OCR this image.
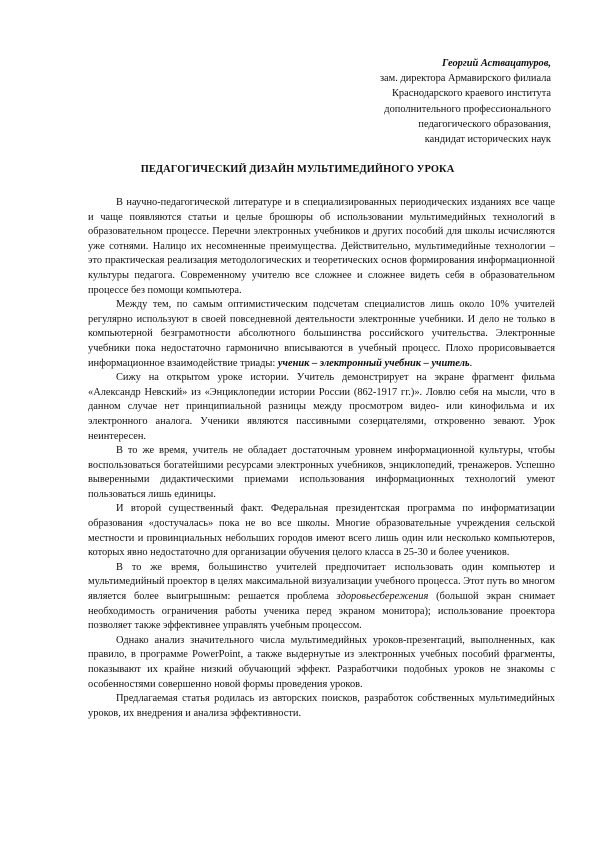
Георгий Аствацатуров,
зам. директора Армавирского филиала
Краснодарского краевого института
дополнительного профессионального
педагогического образования,
кандидат исторических наук
ПЕДАГОГИЧЕСКИЙ ДИЗАЙН МУЛЬТИМЕДИЙНОГО УРОКА

В научно-педагогической литературе и в специализированных периодических изданиях все чаще и чаще появляются статьи и целые брошюры об использовании мультимедийных технологий в образовательном процессе. Перечни электронных учебников и других пособий для школы исчисляются уже сотнями. Налицо их несомненные преимущества. Действительно, мультимедийные технологии – это практическая реализация методологических и теоретических основ формирования информационной культуры педагога. Современному учителю все сложнее и сложнее видеть себя в образовательном процессе без помощи компьютера.

Между тем, по самым оптимистическим подсчетам специалистов лишь около 10% учителей регулярно используют в своей повседневной деятельности электронные учебники. И дело не только в компьютерной безграмотности абсолютного большинства российского учительства. Электронные учебники пока недостаточно гармонично вписываются в учебный процесс. Плохо прорисовывается информационное взаимодействие триады: ученик – электронный учебник – учитель.

Сижу на открытом уроке истории. Учитель демонстрирует на экране фрагмент фильма «Александр Невский» из «Энциклопедии истории России (862-1917 гг.)». Ловлю себя на мысли, что в данном случае нет принципиальной разницы между просмотром видео- или кинофильма и их электронного аналога. Ученики являются пассивными созерцателями, откровенно зевают. Урок неинтересен.

В то же время, учитель не обладает достаточным уровнем информационной культуры, чтобы воспользоваться богатейшими ресурсами электронных учебников, энциклопедий, тренажеров. Успешно выверенными дидактическими приемами использования информационных технологий умеют пользоваться лишь единицы.

И второй существенный факт. Федеральная президентская программа по информатизации образования «достучалась» пока не во все школы. Многие образовательные учреждения сельской местности и провинциальных небольших городов имеют всего лишь один или несколько компьютеров, которых явно недостаточно для организации обучения целого класса в 25-30 и более учеников.

В то же время, большинство учителей предпочитает использовать один компьютер и мультимедийный проектор в целях максимальной визуализации учебного процесса. Этот путь во многом является более выигрышным: решается проблема здоровьесбережения (большой экран снимает необходимость ограничения работы ученика перед экраном монитора); использование проектора позволяет также эффективнее управлять учебным процессом.

Однако анализ значительного числа мультимедийных уроков-презентаций, выполненных, как правило, в программе PowerPoint, а также выдернутые из электронных учебных пособий фрагменты, показывают их крайне низкий обучающий эффект. Разработчики подобных уроков не знакомы с особенностями совершенно новой формы проведения уроков.

Предлагаемая статья родилась из авторских поисков, разработок собственных мультимедийных уроков, их внедрения и анализа эффективности.
